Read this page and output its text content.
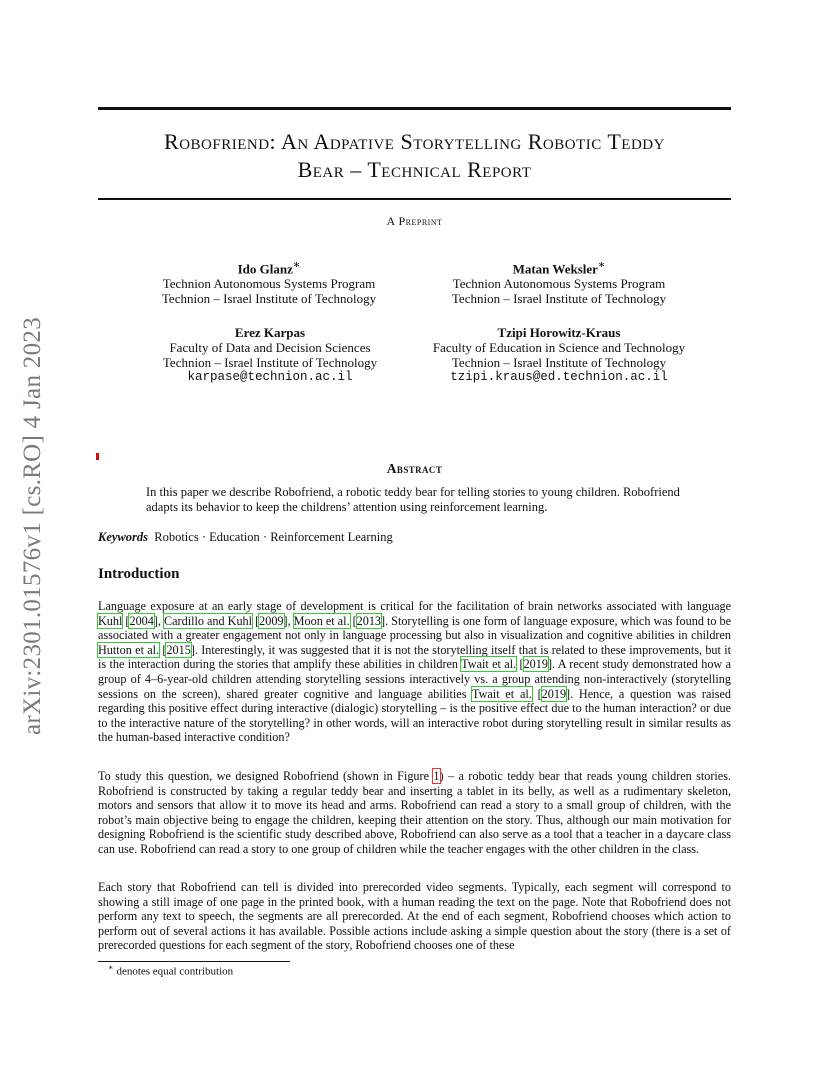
arXiv:2301.01576v1 [cs.RO] 4 Jan 2023
Robofriend: An Adpative Storytelling Robotic Teddy
Bear – Technical Report
A Preprint
Ido Glanz∗
Technion Autonomous Systems Program
Technion – Israel Institute of Technology
Matan Weksler∗
Technion Autonomous Systems Program
Technion – Israel Institute of Technology
Erez Karpas
Faculty of Data and Decision Sciences
Technion – Israel Institute of Technology
karpase@technion.ac.il
Tzipi Horowitz-Kraus
Faculty of Education in Science and Technology
Technion – Israel Institute of Technology
tzipi.kraus@ed.technion.ac.il
Abstract
In this paper we describe Robofriend, a robotic teddy bear for telling stories to young children. Robofriend adapts its behavior to keep the childrens’ attention using reinforcement learning.
Keywords Robotics · Education · Reinforcement Learning
Introduction
Language exposure at an early stage of development is critical for the facilitation of brain networks associated with language Kuhl [2004], Cardillo and Kuhl [2009], Moon et al. [2013]. Storytelling is one form of language exposure, which was found to be associated with a greater engagement not only in language processing but also in visualization and cognitive abilities in children Hutton et al. [2015]. Interestingly, it was suggested that it is not the storytelling itself that is related to these improvements, but it is the interaction during the stories that amplify these abilities in children Twait et al. [2019]. A recent study demonstrated how a group of 4–6-year-old children attending storytelling sessions interactively vs. a group attending non-interactively (storytelling sessions on the screen), shared greater cognitive and language abilities Twait et al. [2019]. Hence, a question was raised regarding this positive effect during interactive (dialogic) storytelling – is the positive effect due to the human interaction? or due to the interactive nature of the storytelling? in other words, will an interactive robot during storytelling result in similar results as the human-based interactive condition?
To study this question, we designed Robofriend (shown in Figure 1) – a robotic teddy bear that reads young children stories. Robofriend is constructed by taking a regular teddy bear and inserting a tablet in its belly, as well as a rudimentary skeleton, motors and sensors that allow it to move its head and arms. Robofriend can read a story to a small group of children, with the robot’s main objective being to engage the children, keeping their attention on the story. Thus, although our main motivation for designing Robofriend is the scientific study described above, Robofriend can also serve as a tool that a teacher in a daycare class can use. Robofriend can read a story to one group of children while the teacher engages with the other children in the class.
Each story that Robofriend can tell is divided into prerecorded video segments. Typically, each segment will correspond to showing a still image of one page in the printed book, with a human reading the text on the page. Note that Robofriend does not perform any text to speech, the segments are all prerecorded. At the end of each segment, Robofriend chooses which action to perform out of several actions it has available. Possible actions include asking a simple question about the story (there is a set of prerecorded questions for each segment of the story, Robofriend chooses one of these
∗ denotes equal contribution
